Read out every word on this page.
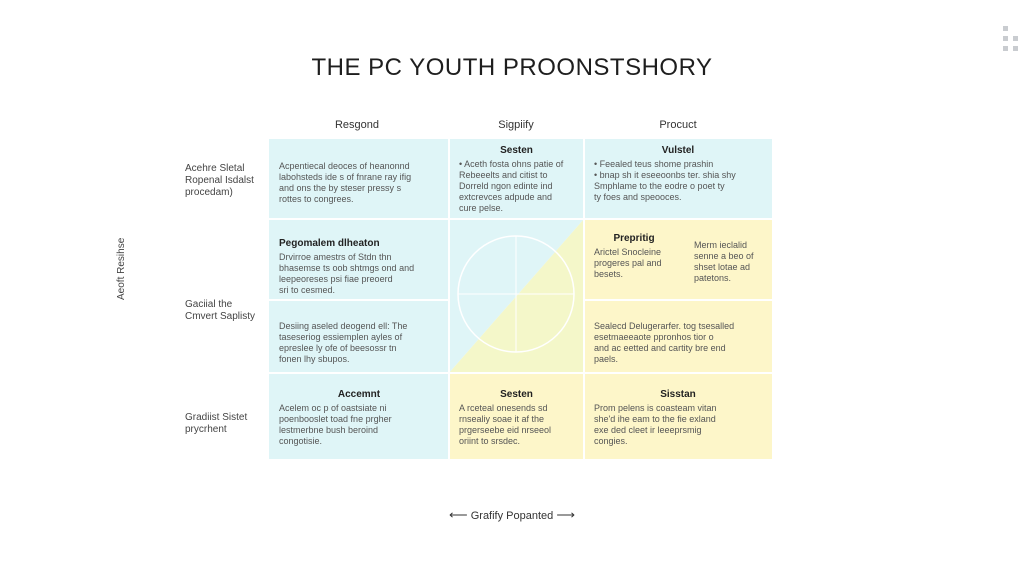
THE PC YOUTH PROONSTSHORY
Resgond	Sigpiify	Procuct
Acehre Sletal
Ropenal Isdalst
procedam)
Gaciial the
Cmvert Saplisty
Gradiist Sistet
prycrhent
Aeoft Resihse
Acpentiecal deoces of heanonnd
labohsteds ide s of fnrane ray ifig
and ons the by steser pressy s
rottes to congrees.
Sesten
• Aceth fosta ohns patie of
Rebeeelts and citist to
Dorreld ngon edinte ind
extcrevces adpude and
cure pelse.
Vulstel
• Feealed teus shome prashin
• bnap sh it eseeoonbs ter. shia shy
Smphlame to the eodre o poet ty
ty foes and speooces.
Pegomalem dlheaton
Drvirroe amestrs of Stdn thn
bhasemse ts oob shtmgs ond and
leepeoreses psi fiae preoerd
sri to cesmed.
Prepritig
Arictel Snocleine
progeres pal and
besets.
Merm ieclalid
senne a beo of
shset lotae ad
patetons.
Desiing aseled deogend ell: The
taseseriog essiemplen ayles of
epreslee ly ofe of beesossr tn
fonen lhy sbupos.
Sealecd Delugerarfer. tog tsesalled
esetmaeeaote ppronhos tior o
and ac eetted and cartity bre end
paels.
Accemnt
Acelem oc p of oastsiate ni
poenbooslet toad fne prgher
lestmerbne bush beroind
congotisie.
Sesten
A rceteal onesends sd
rnsealiy soae it af the
prgerseebe eid nrseeol
oriint to srsdec.
Sisstan
Prom pelens is coasteam vitan
she'd ihe eam to the fie exland
exe ded cleet ir leeeprsmig
congies.
⟵ Grafify Popanted ⟶
